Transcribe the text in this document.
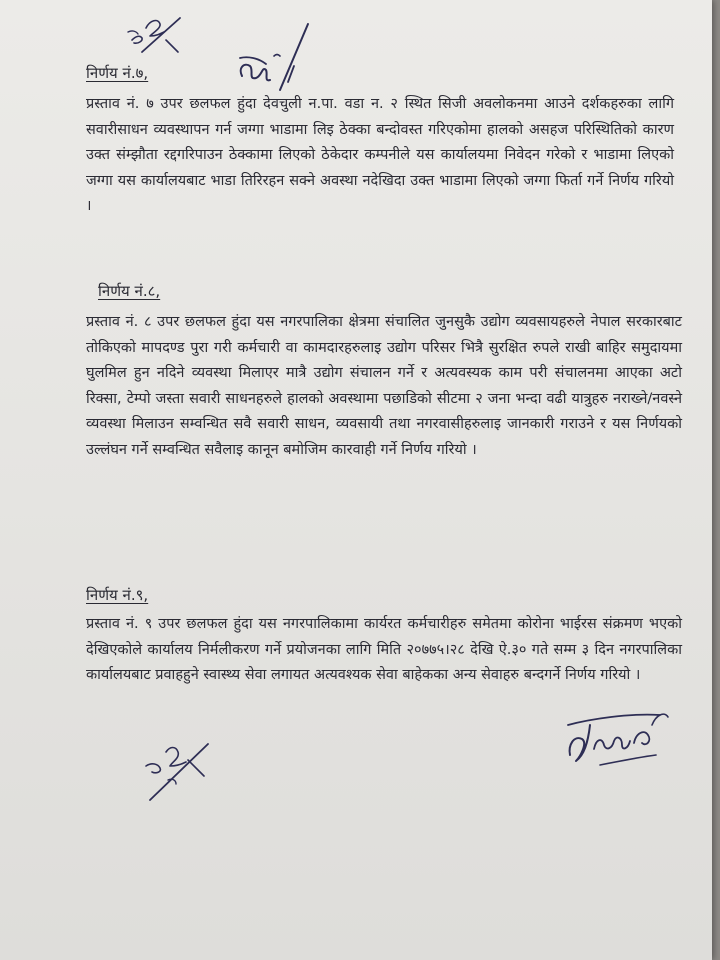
निर्णय नं.७,
प्रस्ताव नं. ७ उपर छलफल हुंदा देवचुली न.पा. वडा न. २ स्थित सिजी अवलोकनमा आउने दर्शकहरुका लागि सवारीसाधन व्यवस्थापन गर्न जग्गा भाडामा लिइ ठेक्का बन्दोवस्त गरिएकोमा हालको असहज परिस्थितिको कारण उक्त संम्झौता रद्दगरिपाउन ठेक्कामा लिएको ठेकेदार कम्पनीले यस कार्यालयमा निवेदन गरेको र भाडामा लिएको जग्गा यस कार्यालयबाट भाडा तिरिरहन सक्ने अवस्था नदेखिदा उक्त भाडामा लिएको जग्गा फिर्ता गर्ने निर्णय गरियो ।
निर्णय नं.८,
प्रस्ताव नं. ८ उपर छलफल हुंदा यस नगरपालिका क्षेत्रमा संचालित जुनसुकै उद्योग व्यवसायहरुले नेपाल सरकारबाट तोकिएको मापदण्ड पुरा गरी कर्मचारी वा कामदारहरुलाइ उद्योग परिसर भित्रै सुरक्षित रुपले राखी बाहिर समुदायमा घुलमिल हुन नदिने व्यवस्था मिलाएर मात्रै उद्योग संचालन गर्ने र अत्यवस्यक काम परी संचालनमा आएका अटो रिक्सा, टेम्पो जस्ता सवारी साधनहरुले हालको अवस्थामा पछाडिको सीटमा २ जना भन्दा वढी यात्रुहरु नराख्ने/नवस्ने व्यवस्था मिलाउन सम्वन्धित सवै सवारी साधन, व्यवसायी तथा नगरवासीहरुलाइ जानकारी गराउने र यस निर्णयको उल्लंघन गर्ने सम्वन्धित सवैलाइ कानून बमोजिम कारवाही गर्ने निर्णय गरियो ।
निर्णय नं.९,
प्रस्ताव नं. ९ उपर छलफल हुंदा यस नगरपालिकामा कार्यरत कर्मचारीहरु समेतमा कोरोना भाईरस संक्रमण भएको देखिएकोले कार्यालय निर्मलीकरण गर्ने प्रयोजनका लागि मिति २०७७५।२८ देखि ऐ.३० गते सम्म ३ दिन नगरपालिका कार्यालयबाट प्रवाहहुने स्वास्थ्य सेवा लगायत अत्यवश्यक सेवा बाहेकका अन्य सेवाहरु बन्दगर्ने निर्णय गरियो ।
